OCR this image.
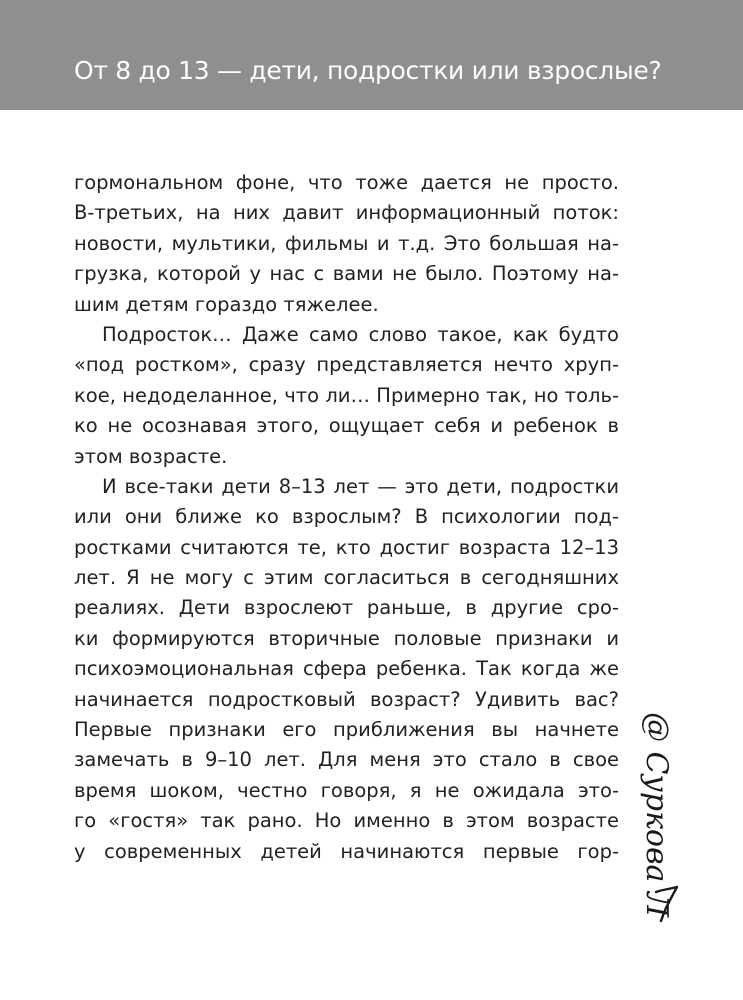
От 8 до 13 — дети, подростки или взрослые?
гормональном фоне, что тоже дается не просто.
В-третьих, на них давит информационный поток:
новости, мультики, фильмы и т.д. Это большая на-
грузка, которой у нас с вами не было. Поэтому на-
шим детям гораздо тяжелее.
Подросток… Даже само слово такое, как будто
«под ростком», сразу представляется нечто хруп-
кое, недоделанное, что ли… Примерно так, но толь-
ко не осознавая этого, ощущает себя и ребенок в
этом возрасте.
И все-таки дети 8–13 лет — это дети, подростки
или они ближе ко взрослым? В психологии под-
ростками считаются те, кто достиг возраста 12–13
лет. Я не могу с этим согласиться в сегодняшних
реалиях. Дети взрослеют раньше, в другие сро-
ки формируются вторичные половые признаки и
психоэмоциональная сфера ребенка. Так когда же
начинается подростковый возраст? Удивить вас?
Первые признаки его приближения вы начнете
замечать в 9–10 лет. Для меня это стало в свое
время шоком, честно говоря, я не ожидала это-
го «гостя» так рано. Но именно в этом возрасте
у современных детей начинаются первые гор- @ Суркова Л
